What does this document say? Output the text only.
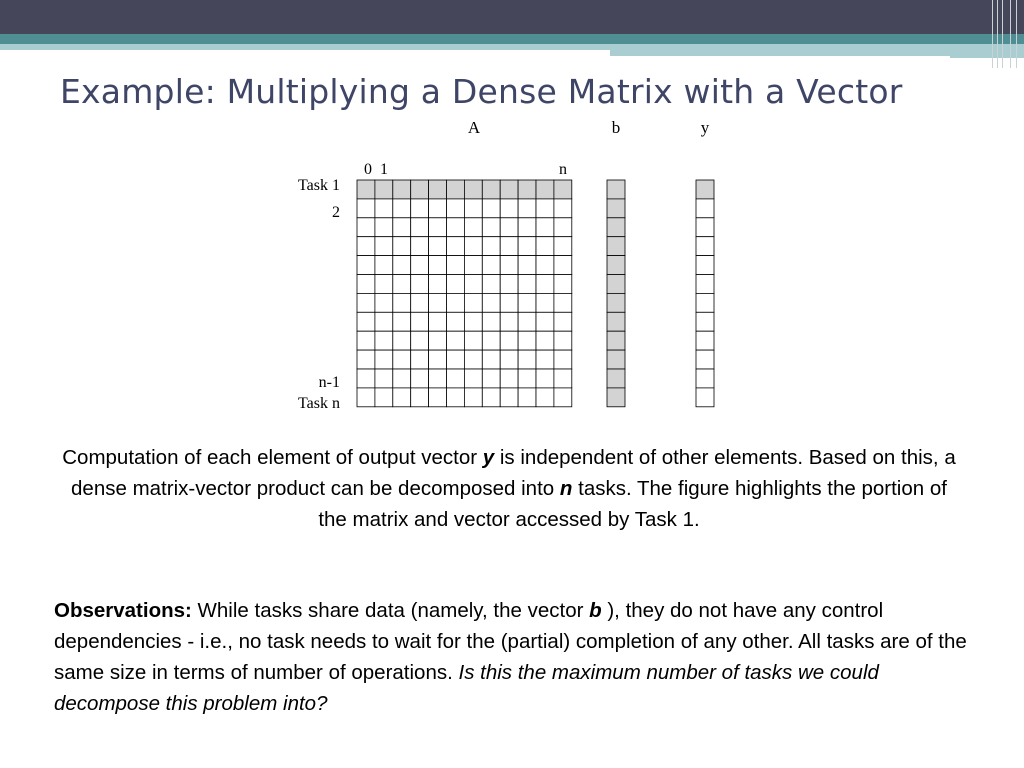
Example: Multiplying a Dense Matrix with a Vector
A	b	y
0 1	n
Task 1
2
n-1
Task n
Computation of each element of output vector y is independent of other elements. Based on this, a dense matrix-vector product can be decomposed into n tasks. The figure highlights the portion of the matrix and vector accessed by Task 1.
Observations: While tasks share data (namely, the vector b ), they do not have any control dependencies - i.e., no task needs to wait for the (partial) completion of any other. All tasks are of the same size in terms of number of operations. Is this the maximum number of tasks we could decompose this problem into?
